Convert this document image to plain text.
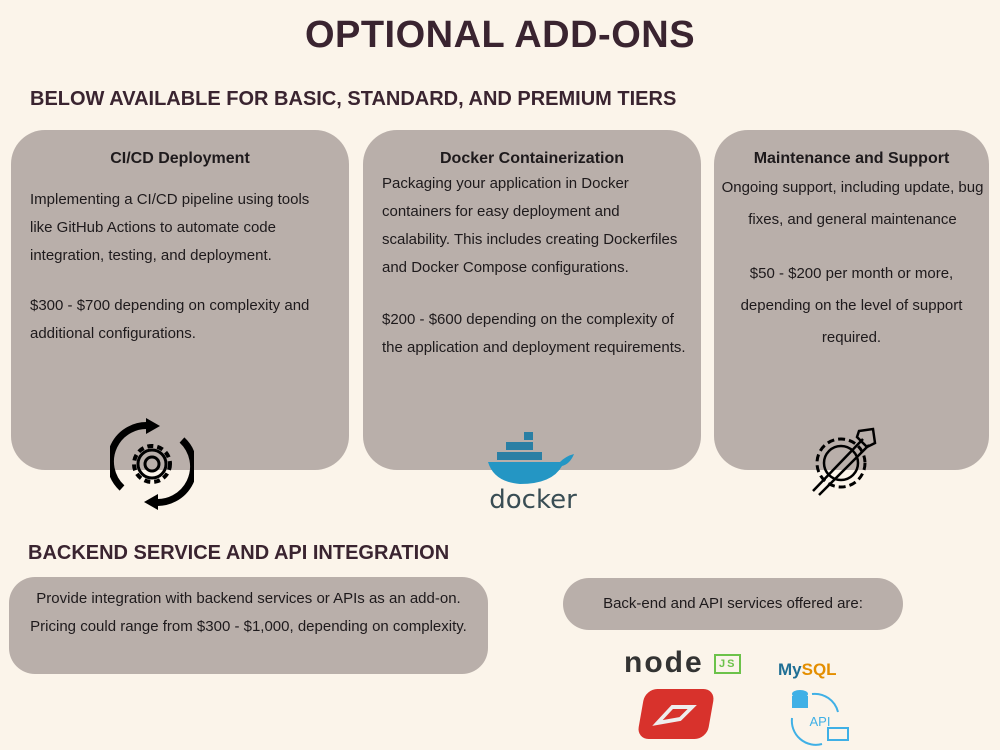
OPTIONAL ADD-ONS
BELOW AVAILABLE FOR BASIC, STANDARD, AND PREMIUM TIERS
CI/CD Deployment

Implementing a CI/CD pipeline using tools like GitHub Actions to automate code integration, testing, and deployment.

$300 - $700 depending on complexity and additional configurations.

Docker Containerization

Packaging your application in Docker containers for easy deployment and scalability. This includes creating Dockerfiles and Docker Compose configurations.

$200 - $600 depending on the complexity of the application and deployment requirements.

Maintenance and Support

Ongoing support, including update, bug fixes, and general maintenance

$50 - $200 per month or more, depending on the level of support required.

docker
BACKEND SERVICE AND API INTEGRATION
Provide integration with backend services or APIs as an add-on. Pricing could range from $300 - $1,000, depending on complexity.
Back-end and API services offered are:
node JS MySQL
API
